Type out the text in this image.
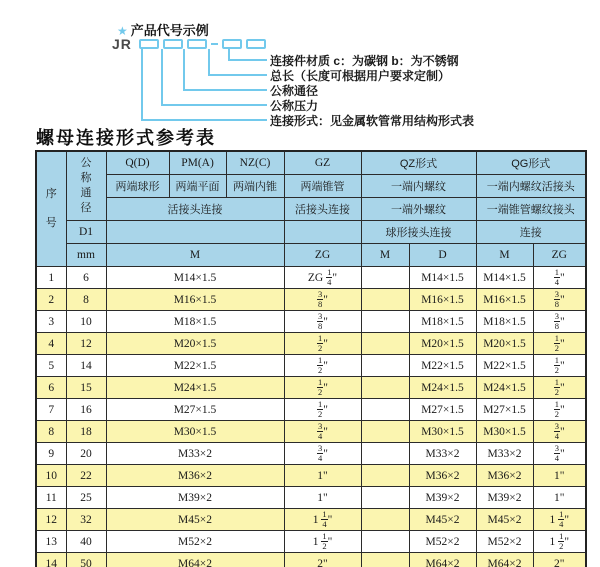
★ 产品代号示例
JR
连接件材质 c：为碳钢 b：为不锈钢
总长（长度可根据用户要求定制）
公称通径
公称压力
连接形式：见金属软管常用结构形式表
螺母连接形式参考表
序号	公称通径	Q(D)	PM(A)	NZ(C)	GZ	QZ形式		QG形式	
		两端球形	两端平面	两端内锥	两端锥管	一端内螺纹		一端内螺纹活接头	
		活接头连接			活接头连接	一端外螺纹		一端锥管螺纹接头	
	D1					球形接头连接		连接	
	mm	M			ZG	M	D	M	ZG
1	6	M14×1.5			ZG $\frac{1}{4}$ "		M14×1.5	M14×1.5	$\frac{1}{4}$ "
2	8	M16×1.5			$\frac{3}{8}$ "		M16×1.5	M16×1.5	$\frac{3}{8}$ "
3	10	M18×1.5			$\frac{3}{8}$ "		M18×1.5	M18×1.5	$\frac{3}{8}$ "
4	12	M20×1.5			$\frac{1}{2}$ "		M20×1.5	M20×1.5	$\frac{1}{2}$ "
5	14	M22×1.5			$\frac{1}{2}$ "		M22×1.5	M22×1.5	$\frac{1}{2}$ "
6	15	M24×1.5			$\frac{1}{2}$ "		M24×1.5	M24×1.5	$\frac{1}{2}$ "
7	16	M27×1.5			$\frac{1}{2}$ "		M27×1.5	M27×1.5	$\frac{1}{2}$ "
8	18	M30×1.5			$\frac{3}{4}$ "		M30×1.5	M30×1.5	$\frac{3}{4}$ "
9	20	M33×2			$\frac{3}{4}$ "		M33×2	M33×2	$\frac{3}{4}$ "
10	22	M36×2			1"		M36×2	M36×2	1"
11	25	M39×2			1"		M39×2	M39×2	1"
12	32	M45×2			$1 \frac{1}{4}$ "		M45×2	M45×2	$1 \frac{1}{4}$ "
13	40	M52×2			$1 \frac{1}{2}$ "		M52×2	M52×2	$1 \frac{1}{2}$ "
14	50	M64×2			2"		M64×2	M64×2	2"
